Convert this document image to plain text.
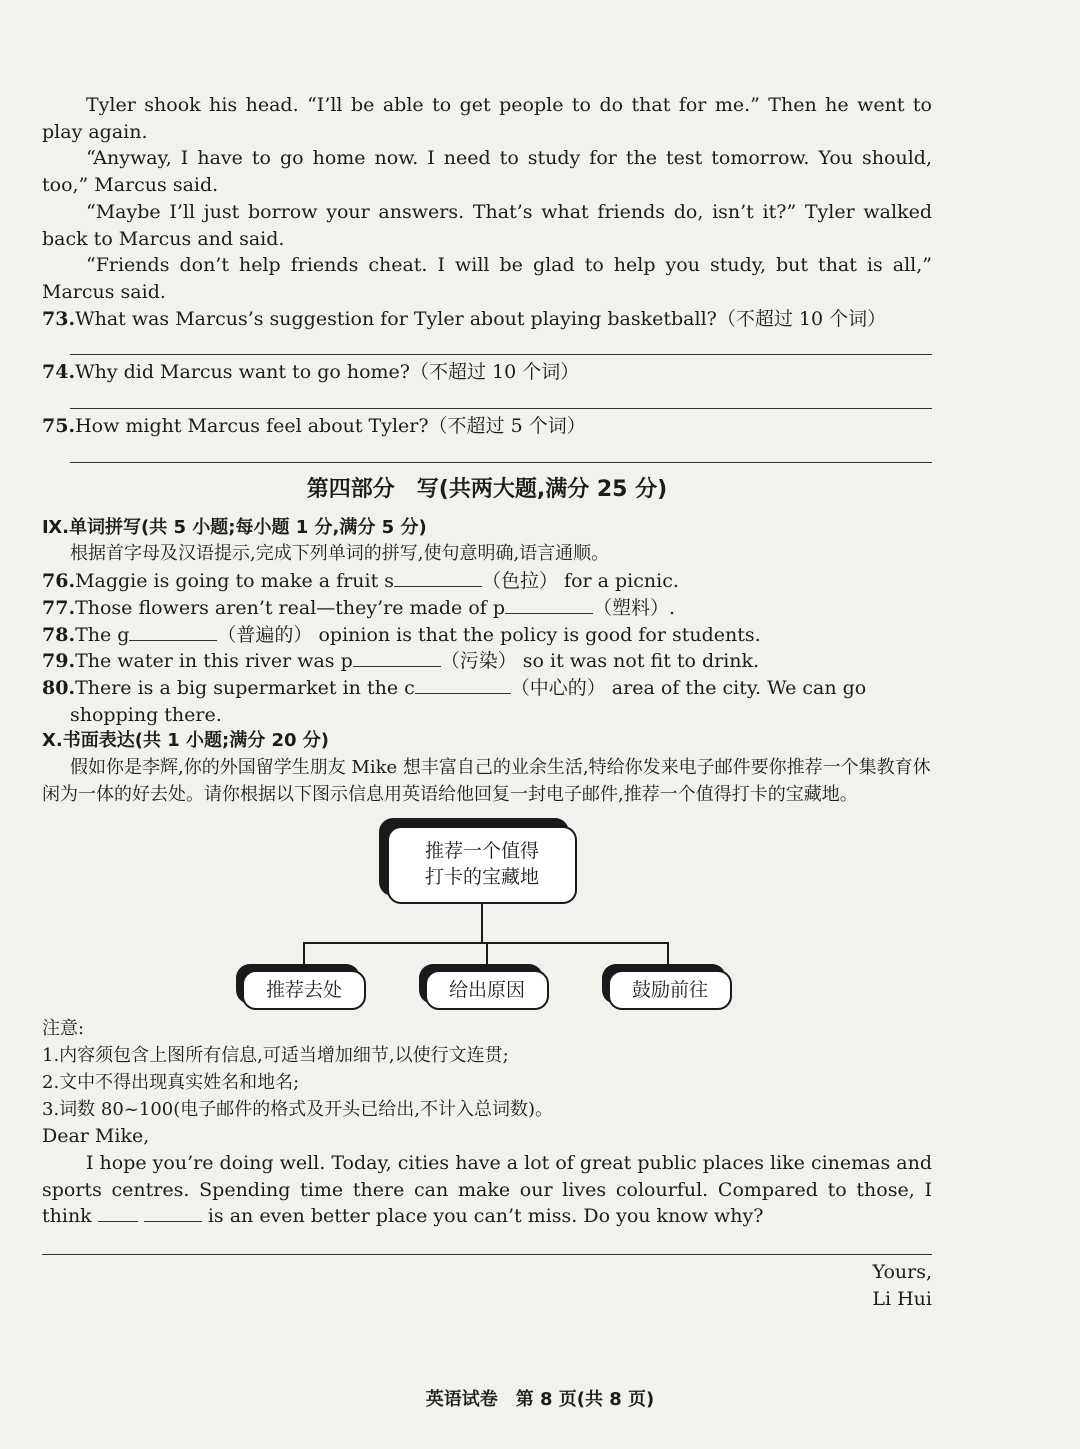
Tyler shook his head. “I’ll be able to get people to do that for me.” Then he went to play again.

“Anyway, I have to go home now. I need to study for the test tomorrow. You should, too,” Marcus said.

“Maybe I’ll just borrow your answers. That’s what friends do, isn’t it?” Tyler walked back to Marcus and said.

“Friends don’t help friends cheat. I will be glad to help you study, but that is all,” Marcus said.

73.What was Marcus’s suggestion for Tyler about playing basketball?（不超过 10 个词）

74.Why did Marcus want to go home?（不超过 10 个词）

75.How might Marcus feel about Tyler?（不超过 5 个词）

第四部分　写(共两大题,满分 25 分)

Ⅸ.单词拼写(共 5 小题;每小题 1 分,满分 5 分)

根据首字母及汉语提示,完成下列单词的拼写,使句意明确,语言通顺。

76.Maggie is going to make a fruit s	（色拉） for a picnic.

77.Those flowers aren’t real—they’re made of p	（塑料）.

78.The g	（普遍的） opinion is that the policy is good for students.

79.The water in this river was p	（污染） so it was not fit to drink.

80.There is a big supermarket in the c	（中心的） area of the city. We can go shopping there.

Ⅹ.书面表达(共 1 小题;满分 20 分)

假如你是李辉,你的外国留学生朋友 Mike 想丰富自己的业余生活,特给你发来电子邮件要你推荐一个集教育休闲为一体的好去处。请你根据以下图示信息用英语给他回复一封电子邮件,推荐一个值得打卡的宝藏地。

推荐一个值得
打卡的宝藏地
推荐去处	给出原因	鼓励前往

注意:

1.内容须包含上图所有信息,可适当增加细节,以使行文连贯;

2.文中不得出现真实姓名和地名;

3.词数 80~100(电子邮件的格式及开头已给出,不计入总词数)。

Dear Mike,

I hope you’re doing well. Today, cities have a lot of great public places like cinemas and sports centres. Spending time there can make our lives colourful. Compared to those, I think	is an even better place you can’t miss. Do you know why?

Yours,

Li Hui

英语试卷　第 8 页(共 8 页)
